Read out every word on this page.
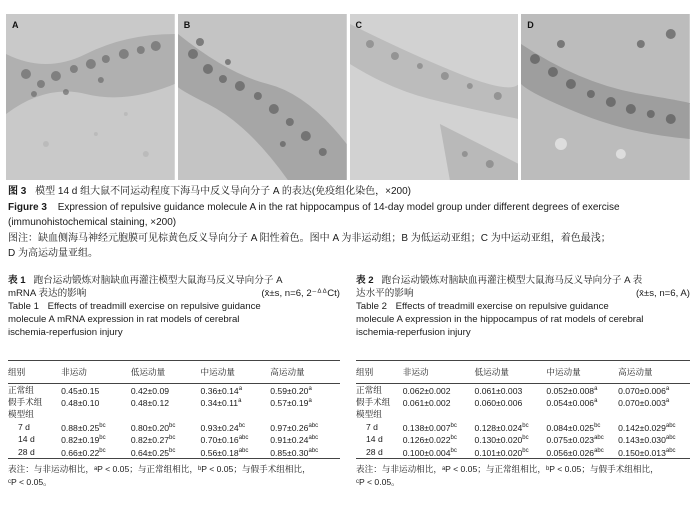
A	B	C	D
图 3 模型 14 d 组大鼠不同运动程度下海马中反义导向分子 A 的表达(免疫组化染色，×200)
Figure 3 Expression of repulsive guidance molecule A in the rat hippocampus of 14-day model group under different degrees of exercise
(immunohistochemical staining, ×200)
图注：缺血侧海马神经元胞膜可见棕黄色反义导向分子 A 阳性着色。图中 A 为非运动组；B 为低运动亚组；C 为中运动亚组，着色最浅；
D 为高运动量亚组。
表 1 跑台运动锻炼对脑缺血再灌注模型大鼠海马反义导向分子 A
mRNA 表达的影响	(x̄±s, n=6, 2⁻ᐞᐞCt)
Table 1 Effects of treadmill exercise on repulsive guidance
molecule A mRNA expression in rat models of cerebral
ischemia-reperfusion injury
组别	非运动	低运动量	中运动量	高运动量
正常组	0.45±0.15	0.42±0.09	0.36±0.14$^a$	0.59±0.20$^a$
假手术组	0.48±0.10	0.48±0.12	0.34±0.11$^a$	0.57±0.19$^a$
模型组
7 d	0.88±0.25$^{bc}$	0.80±0.20$^{bc}$	0.93±0.24$^{bc}$	0.97±0.26$^{abc}$
14 d	0.82±0.19$^{bc}$	0.82±0.27$^{bc}$	0.70±0.16$^{abc}$	0.91±0.24$^{abc}$
28 d	0.66±0.22$^{bc}$	0.64±0.25$^{bc}$	0.56±0.18$^{abc}$	0.85±0.30$^{abc}$
表注：与非运动相比，ᵃP < 0.05；与正常组相比，ᵇP < 0.05；与假手术组相比，
ᶜP < 0.05。
表 2 跑台运动锻炼对脑缺血再灌注模型大鼠海马反义导向分子 A 表
达水平的影响	(x̄±s, n=6, A)
Table 2 Effects of treadmill exercise on repulsive guidance
molecule A expression in the hippocampus of rat models of cerebral
ischemia-reperfusion injury
组别	非运动	低运动量	中运动量	高运动量
正常组	0.062±0.002	0.061±0.003	0.052±0.008$^a$	0.070±0.006$^a$
假手术组	0.061±0.002	0.060±0.006	0.054±0.006$^a$	0.070±0.003$^a$
模型组
7 d	0.138±0.007$^{bc}$	0.128±0.024$^{bc}$	0.084±0.025$^{bc}$	0.142±0.029$^{abc}$
14 d	0.126±0.022$^{bc}$	0.130±0.020$^{bc}$	0.075±0.023$^{abc}$	0.143±0.030$^{abc}$
28 d	0.100±0.004$^{bc}$	0.101±0.020$^{bc}$	0.056±0.026$^{abc}$	0.150±0.013$^{abc}$
表注：与非运动相比，ᵃP < 0.05；与正常组相比，ᵇP < 0.05；与假手术组相比，
ᶜP < 0.05。
